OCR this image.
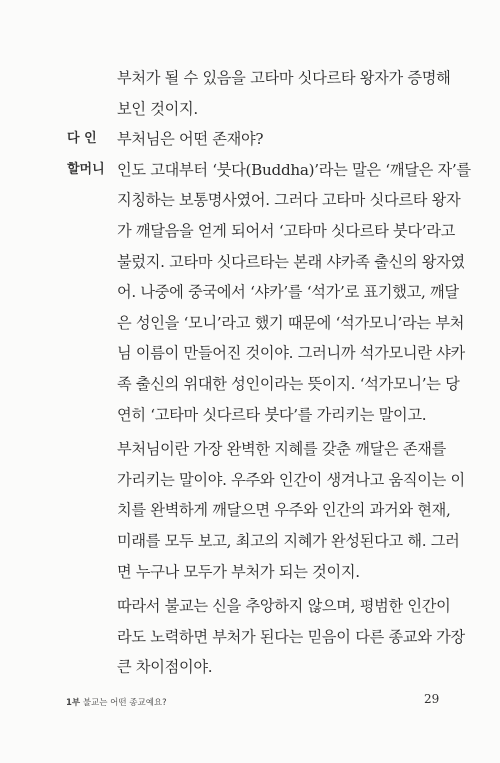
부처가 될 수 있음을 고타마 싯다르타 왕자가 증명해
보인 것이지.
다 인 부처님은 어떤 존재야?
할머니 인도 고대부터 ‘붓다(Buddha)’라는 말은 ‘깨달은 자’를
지칭하는 보통명사였어. 그러다 고타마 싯다르타 왕자
가 깨달음을 얻게 되어서 ‘고타마 싯다르타 붓다’라고
불렀지. 고타마 싯다르타는 본래 샤카족 출신의 왕자였
어. 나중에 중국에서 ‘샤카’를 ‘석가’로 표기했고, 깨달
은 성인을 ‘모니’라고 했기 때문에 ‘석가모니’라는 부처
님 이름이 만들어진 것이야. 그러니까 석가모니란 샤카
족 출신의 위대한 성인이라는 뜻이지. ‘석가모니’는 당
연히 ‘고타마 싯다르타 붓다’를 가리키는 말이고.
부처님이란 가장 완벽한 지혜를 갖춘 깨달은 존재를
가리키는 말이야. 우주와 인간이 생겨나고 움직이는 이
치를 완벽하게 깨달으면 우주와 인간의 과거와 현재,
미래를 모두 보고, 최고의 지혜가 완성된다고 해. 그러
면 누구나 모두가 부처가 되는 것이지.
따라서 불교는 신을 추앙하지 않으며, 평범한 인간이
라도 노력하면 부처가 된다는 믿음이 다른 종교와 가장
큰 차이점이야.
1부 불교는 어떤 종교예요?	29
